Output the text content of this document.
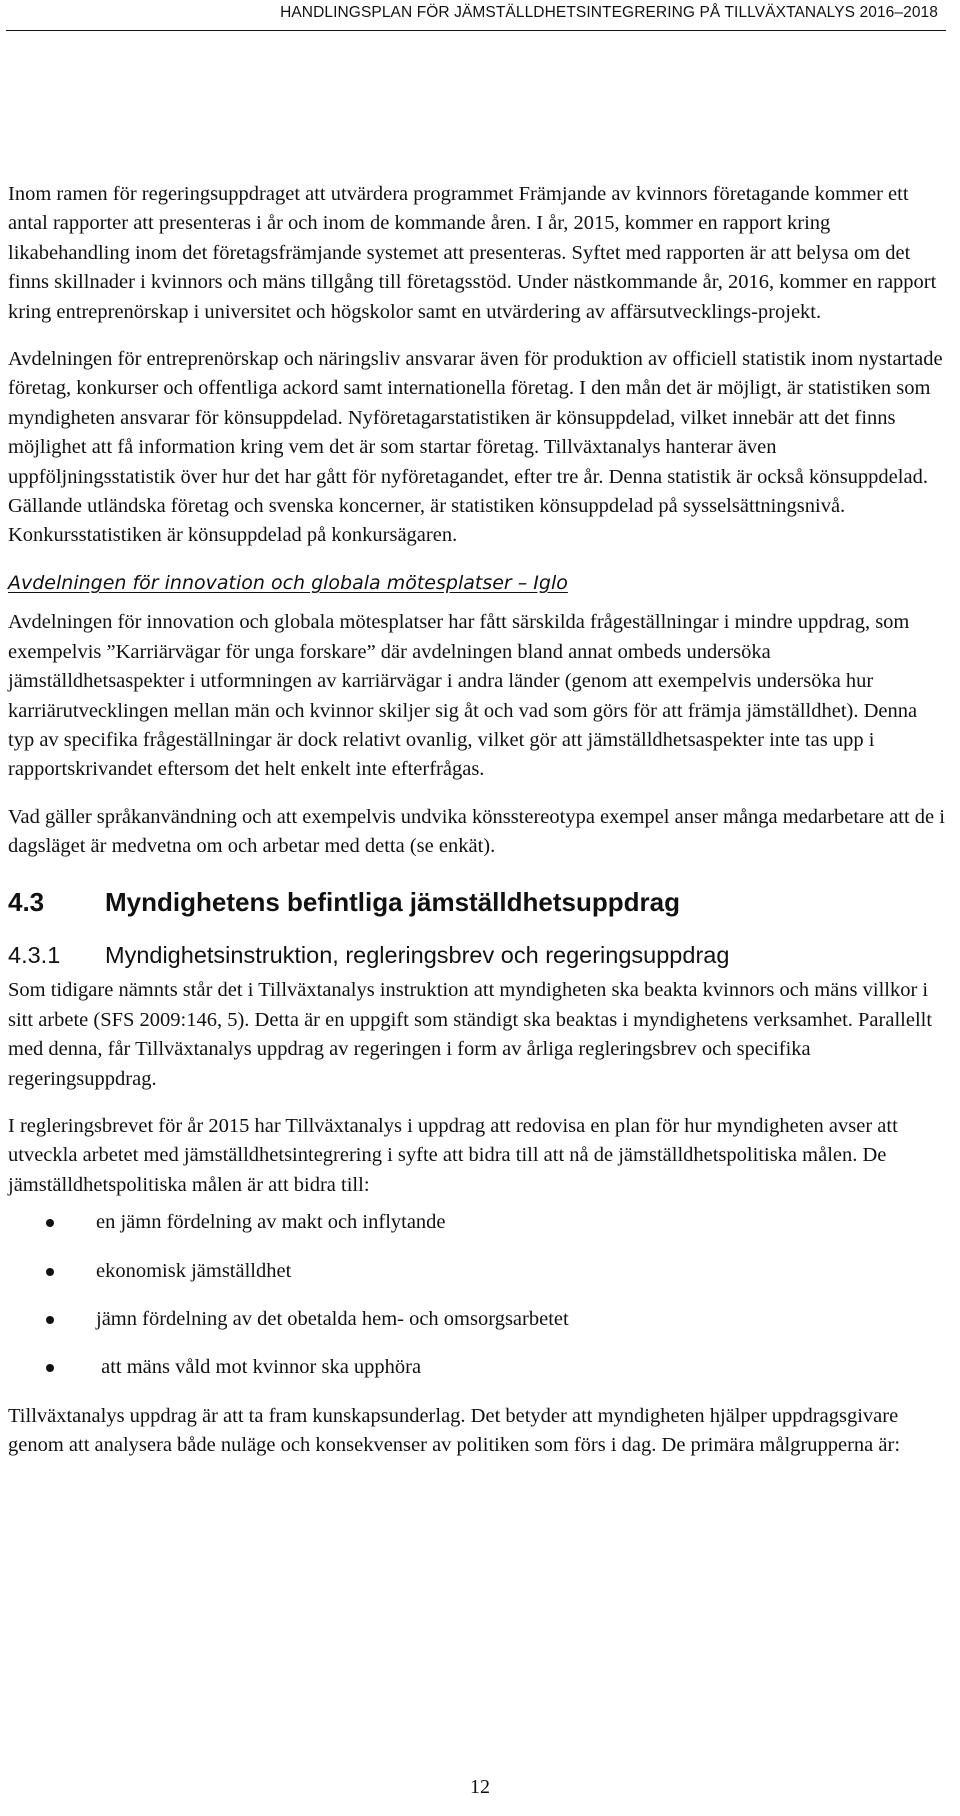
HANDLINGSPLAN FÖR JÄMSTÄLLDHETSINTEGRERING PÅ TILLVÄXTANALYS 2016–2018

Inom ramen för regeringsuppdraget att utvärdera programmet Främjande av kvinnors företagande kommer ett antal rapporter att presenteras i år och inom de kommande åren. I år, 2015, kommer en rapport kring likabehandling inom det företagsfrämjande systemet att presenteras. Syftet med rapporten är att belysa om det finns skillnader i kvinnors och mäns tillgång till företagsstöd. Under nästkommande år, 2016, kommer en rapport kring entreprenörskap i universitet och högskolor samt en utvärdering av affärsutvecklings-projekt.

Avdelningen för entreprenörskap och näringsliv ansvarar även för produktion av officiell statistik inom nystartade företag, konkurser och offentliga ackord samt internationella företag. I den mån det är möjligt, är statistiken som myndigheten ansvarar för könsuppdelad. Nyföretagarstatistiken är könsuppdelad, vilket innebär att det finns möjlighet att få information kring vem det är som startar företag. Tillväxtanalys hanterar även uppföljningsstatistik över hur det har gått för nyföretagandet, efter tre år. Denna statistik är också könsuppdelad. Gällande utländska företag och svenska koncerner, är statistiken könsuppdelad på sysselsättningsnivå. Konkursstatistiken är könsuppdelad på konkursägaren.

Avdelningen för innovation och globala mötesplatser – Iglo

Avdelningen för innovation och globala mötesplatser har fått särskilda frågeställningar i mindre uppdrag, som exempelvis ”Karriärvägar för unga forskare” där avdelningen bland annat ombeds undersöka jämställdhetsaspekter i utformningen av karriärvägar i andra länder (genom att exempelvis undersöka hur karriärutvecklingen mellan män och kvinnor skiljer sig åt och vad som görs för att främja jämställdhet). Denna typ av specifika frågeställningar är dock relativt ovanlig, vilket gör att jämställdhetsaspekter inte tas upp i rapportskrivandet eftersom det helt enkelt inte efterfrågas.

Vad gäller språkanvändning och att exempelvis undvika könsstereotypa exempel anser många medarbetare att de i dagsläget är medvetna om och arbetar med detta (se enkät).

4.3	Myndighetens befintliga jämställdhetsuppdrag
4.3.1	Myndighetsinstruktion, regleringsbrev och regeringsuppdrag

Som tidigare nämnts står det i Tillväxtanalys instruktion att myndigheten ska beakta kvinnors och mäns villkor i sitt arbete (SFS 2009:146, 5). Detta är en uppgift som ständigt ska beaktas i myndighetens verksamhet. Parallellt med denna, får Tillväxtanalys uppdrag av regeringen i form av årliga regleringsbrev och specifika regeringsuppdrag.

I regleringsbrevet för år 2015 har Tillväxtanalys i uppdrag att redovisa en plan för hur myndigheten avser att utveckla arbetet med jämställdhetsintegrering i syfte att bidra till att nå de jämställdhetspolitiska målen. De jämställdhetspolitiska målen är att bidra till:

en jämn fördelning av makt och inflytande
ekonomisk jämställdhet
jämn fördelning av det obetalda hem- och omsorgsarbetet
att mäns våld mot kvinnor ska upphöra

Tillväxtanalys uppdrag är att ta fram kunskapsunderlag. Det betyder att myndigheten hjälper uppdragsgivare genom att analysera både nuläge och konsekvenser av politiken som förs i dag. De primära målgrupperna är:

12
